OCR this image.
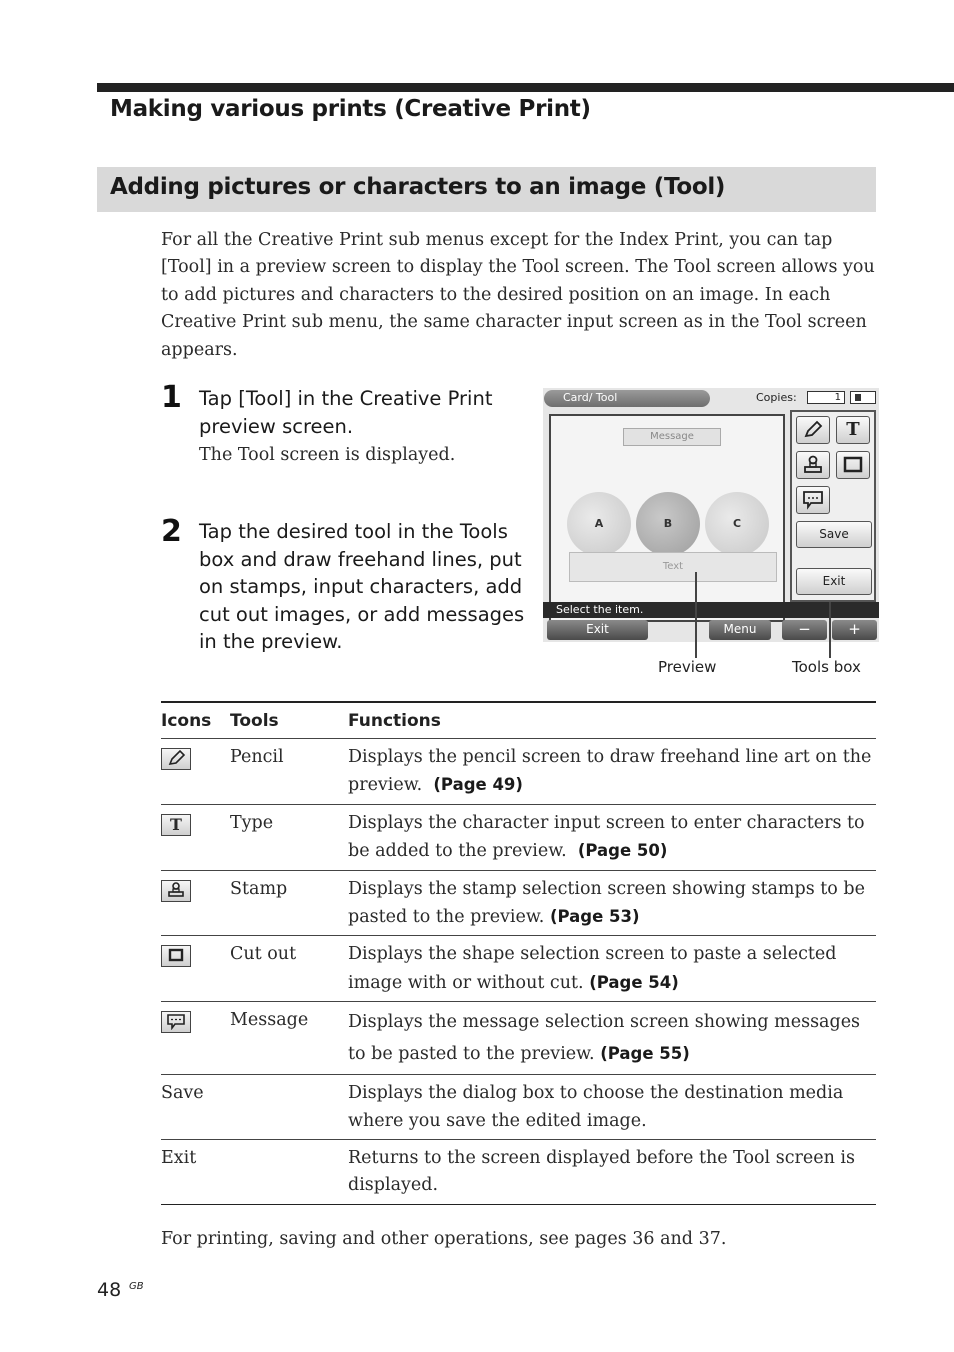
Making various prints (Creative Print)
Adding pictures or characters to an image (Tool)
For all the Creative Print sub menus except for the Index Print, you can tap [Tool] in a preview screen to display the Tool screen. The Tool screen allows you to add pictures and characters to the desired position on an image. In each Creative Print sub menu, the same character input screen as in the Tool screen appears.
1 Tap [Tool] in the Creative Print preview screen.
The Tool screen is displayed.
2 Tap the desired tool in the Tools box and draw freehand lines, put on stamps, input characters, add cut out images, or add messages in the preview.
Card/ Tool	Copies:	1
Message
A	B	C
Text
T
Save
Exit
Select the item.
Exit	Menu	−	+
Preview	Tools box
Icons	Tools	Functions
	Pencil	Displays the pencil screen to draw freehand line art on the preview. (Page 49)
T	Type	Displays the character input screen to enter characters to be added to the preview. (Page 50)
	Stamp	Displays the stamp selection screen showing stamps to be pasted to the preview. (Page 53)
	Cut out	Displays the shape selection screen to paste a selected image with or without cut. (Page 54)
	Message	Displays the message selection screen showing messages to be pasted to the preview. (Page 55)
Save		Displays the dialog box to choose the destination media where you save the edited image.
Exit		Returns to the screen displayed before the Tool screen is displayed.
For printing, saving and other operations, see pages 36 and 37.
48 GB
